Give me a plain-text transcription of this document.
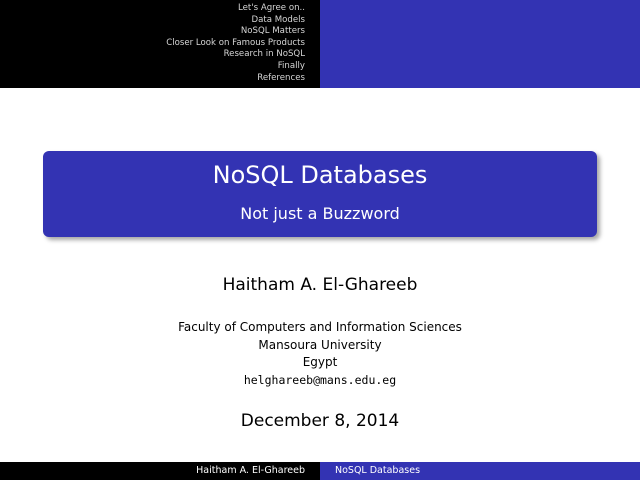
Let's Agree on..
Data Models
NoSQL Matters
Closer Look on Famous Products
Research in NoSQL
Finally
References
NoSQL Databases
Not just a Buzzword
Haitham A. El-Ghareeb
Faculty of Computers and Information Sciences
Mansoura University
Egypt
helghareeb@mans.edu.eg
December 8, 2014
Haitham A. El-Ghareeb	NoSQL Databases
